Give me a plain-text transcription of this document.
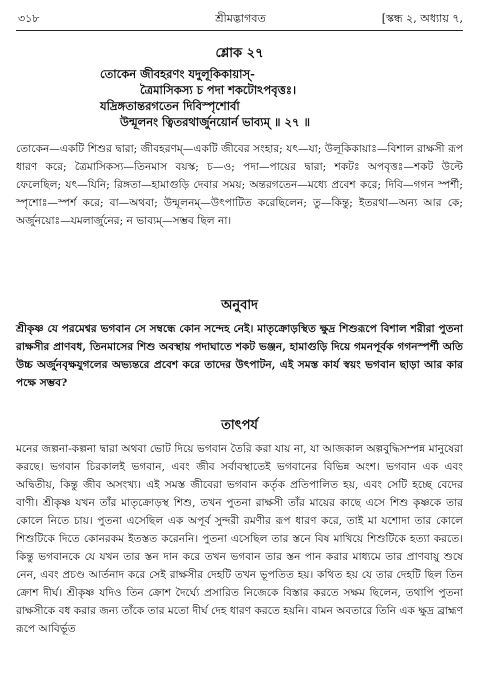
৩১৮	শ্রীমদ্ভাগবত	[স্কন্ধ ২, অধ্যায় ৭,
শ্লোক ২৭
তোকেন জীবহরণং যদুলূকিকায়াস্-
ত্রৈমাসিকস্য চ পদা শকটোঽপবৃত্তঃ।
যদ্রিঙ্গতান্তরগতেন দিবিস্পৃশোর্বা
উন্মূলনং ত্বিতরথার্জুনয়োর্ন ভাব্যম্ ॥ ২৭ ॥
তোকেন—একটি শিশুর দ্বারা; জীবহরণম্—একটি জীবের সংহার; যৎ—যা; উলূকিকায়াঃ—বিশাল রাক্ষসী রূপ ধারণ করে; ত্রৈমাসিকস্য—তিনমাস বয়স্ক; চ—ও; পদা—পায়ের দ্বারা; শকটঃ অপবৃত্তঃ—শকট উল্টে ফেলেছিল; যৎ—যিনি; রিঙ্গতা—হামাগুড়ি দেবার সময়; অন্তরগতেন—মধ্যে প্রবেশ করে; দিবি—গগন স্পর্শী; স্পৃশোঃ—স্পর্শ করে; বা—অথবা; উন্মূলনম্—উৎপাটিত করেছিলেন; তু—কিন্তু; ইতরথা—অন্য আর কে; অর্জুনয়োঃ—যমলার্জুনের; ন ভাব্যম্—সম্ভব ছিল না।
অনুবাদ
শ্রীকৃষ্ণ যে পরমেশ্বর ভগবান সে সম্বন্ধে কোন সন্দেহ নেই। মাতৃক্রোড়স্থিত ক্ষুদ্র শিশুরূপে বিশাল শরীরা পুতনা রাক্ষসীর প্রাণবধ, তিনমাসের শিশু অবস্থায় পদাঘাতে শকট ভঞ্জন, হামাগুড়ি দিয়ে গমনপূর্বক গগনস্পর্শী অতি উচ্চ অর্জুনবৃক্ষযুগলের অভ্যন্তরে প্রবেশ করে তাদের উৎপাটন, এই সমস্ত কার্য স্বয়ং ভগবান ছাড়া আর কার পক্ষে সম্ভব?
তাৎপর্য
মনের জল্পনা-কল্পনা দ্বারা অথবা ভোট দিয়ে ভগবান তৈরি করা যায় না, যা আজকাল অল্পবুদ্ধিসম্পন্ন মানুষেরা করছে। ভগবান চিরকালই ভগবান, এবং জীব সর্বাবস্থাতেই ভগবানের বিভিন্ন অংশ। ভগবান এক এবং অদ্বিতীয়, কিন্তু জীব অসংখ্য। এই সমস্ত জীবেরা ভগবান কর্তৃক প্রতিপালিত হয়, এবং সেটি হচ্ছে বেদের বাণী। শ্রীকৃষ্ণ যখন তাঁর মাতৃক্রোড়স্থ শিশু, তখন পুতনা রাক্ষসী তাঁর মায়ের কাছে এসে শিশু কৃষ্ণকে তার কোলে নিতে চায়। পুতনা এসেছিল এক অপূর্ব সুন্দরী রমণীর রূপ ধারণ করে, তাই মা যশোদা তার কোলে শিশুটিকে দিতে কোনরকম ইতস্তত করেননি। পুতনা এসেছিল তার স্তনে বিষ মাখিয়ে শিশুটিকে হত্যা করতে। কিন্তু ভগবানকে যে যখন তার স্তন দান করে তখন ভগবান তার স্তন পান করার মাধ্যমে তার প্রাণবায়ু শুষে নেন, এবং প্রচণ্ড আর্তনাদ করে সেই রাক্ষসীর দেহটি তখন ভূপতিত হয়। কথিত হয় যে তার দেহটি ছিল তিন ক্রোশ দীর্ঘ। শ্রীকৃষ্ণ যদিও তিন ক্রোশ দৈর্ঘ্যে প্রসারিত নিজেকে বিস্তার করতে সক্ষম ছিলেন, তথাপি পুতনা রাক্ষসীকে বধ করার জন্য তাঁকে তার মতো দীর্ঘ দেহ ধারণ করতে হয়নি। বামন অবতারে তিনি এক ক্ষুদ্র ব্রাহ্মণ রূপে আবির্ভূত
